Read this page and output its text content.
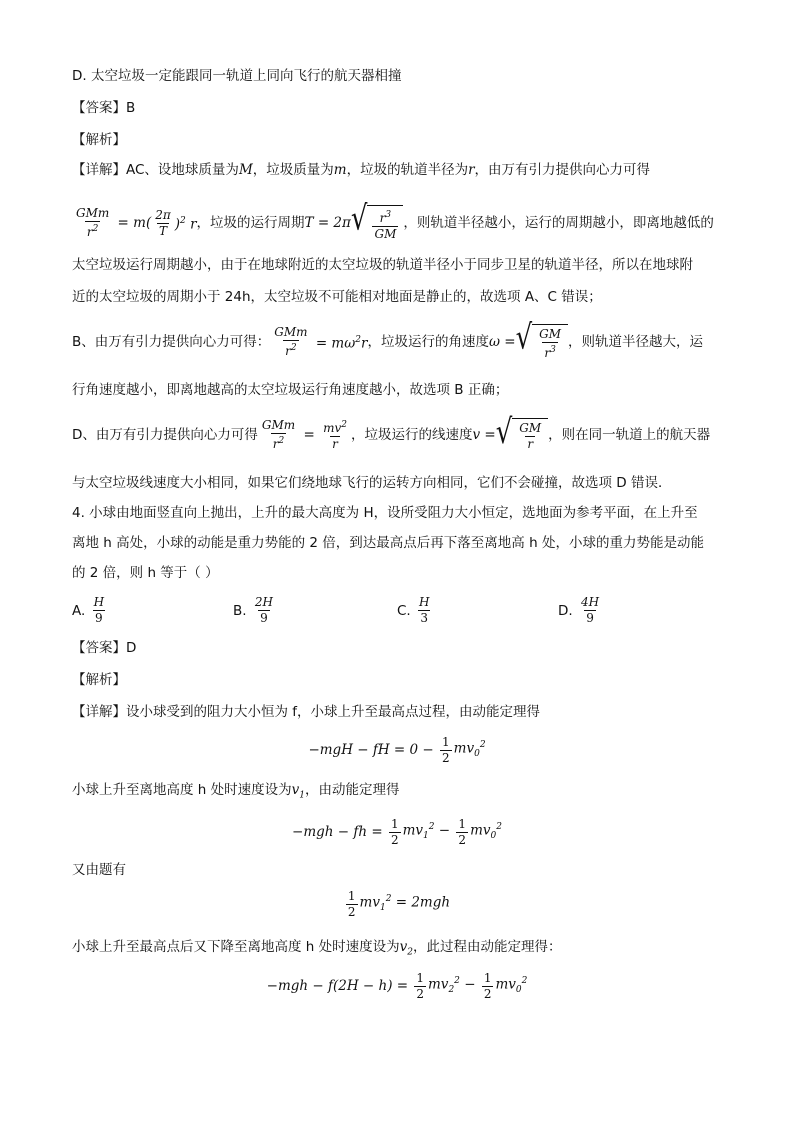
D. 太空垃圾一定能跟同一轨道上同向飞行的航天器相撞
【答案】B
【解析】
【详解】AC、设地球质量为M，垃圾质量为m，垃圾的轨道半径为r，由万有引力提供向心力可得
$\frac{\text{GMm}}{r^2} = m( \frac{2\pi}{T} )^2$ r ，垃圾的运行周期 T = 2π √ $\frac{r^3}{GM}$ ，则轨道半径越小，运行的周期越小，即离地越低的
太空垃圾运行周期越小，由于在地球附近的太空垃圾的轨道半径小于同步卫星的轨道半径，所以在地球附
近的太空垃圾的周期小于 24h，太空垃圾不可能相对地面是静止的，故选项 A、C 错误；
B、由万有引力提供向心力可得： $\frac{\text{GMm}}{r^2} = m\omega^2r$ ，垃圾运行的角速度 ω = √ $\frac{GM}{r^3}$ ，则轨道半径越大，运
行角速度越小，即离地越高的太空垃圾运行角速度越小，故选项 B 正确；
D、由万有引力提供向心力可得 $\frac{\text{GMm}}{r^2} = \frac{mv^2}{r}$ ，垃圾运行的线速度 v = √ $\frac{GM}{r}$ ，则在同一轨道上的航天器
与太空垃圾线速度大小相同，如果它们绕地球飞行的运转方向相同，它们不会碰撞，故选项 D 错误．
4. 小球由地面竖直向上抛出，上升的最大高度为 H，设所受阻力大小恒定，选地面为参考平面，在上升至
离地 h 高处，小球的动能是重力势能的 2 倍，到达最高点后再下落至离地高 h 处，小球的重力势能是动能
的 2 倍，则 h 等于（ ）
A.
$\frac{H}{9}$	B.
$\frac{2H}{9}$	C.
$\frac{H}{3}$	D.
$\frac{4H}{9}$
【答案】D
【解析】
【详解】设小球受到的阻力大小恒为 f，小球上升至最高点过程，由动能定理得
−mgH − fH = $0 - \frac{1}{2} mv_0^2$
小球上升至离地高度 h 处时速度设为$v_1$，由动能定理得
−mgh − fh = $\frac{1}{2} mv_1^2 - \frac{1}{2} mv_0^2$
又由题有
$\frac{1}{2} mv_1^2 = 2mgh$
小球上升至最高点后又下降至离地高度 h 处时速度设为$v_2$，此过程由动能定理得：
$-mgh - f(2H - h) = \frac{1}{2} mv_2^2 - \frac{1}{2} mv_0^2$
